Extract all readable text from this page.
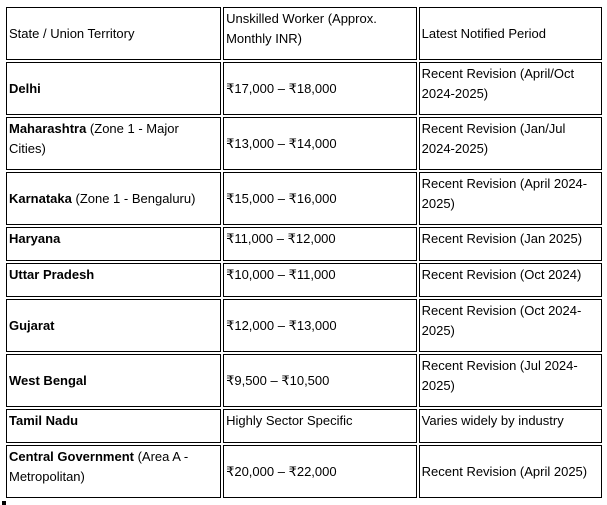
State / Union Territory	Unskilled Worker (Approx. Monthly INR)	Latest Notified Period
Delhi	₹17,000 – ₹18,000	Recent Revision (April/Oct 2024-2025)
Maharashtra (Zone 1 - Major Cities)	₹13,000 – ₹14,000	Recent Revision (Jan/Jul 2024-2025)
Karnataka (Zone 1 - Bengaluru)	₹15,000 – ₹16,000	Recent Revision (April 2024-2025)
Haryana	₹11,000 – ₹12,000	Recent Revision (Jan 2025)
Uttar Pradesh	₹10,000 – ₹11,000	Recent Revision (Oct 2024)
Gujarat	₹12,000 – ₹13,000	Recent Revision (Oct 2024-2025)
West Bengal	₹9,500 – ₹10,500	Recent Revision (Jul 2024-2025)
Tamil Nadu	Highly Sector Specific	Varies widely by industry
Central Government (Area A - Metropolitan)	₹20,000 – ₹22,000	Recent Revision (April 2025)
